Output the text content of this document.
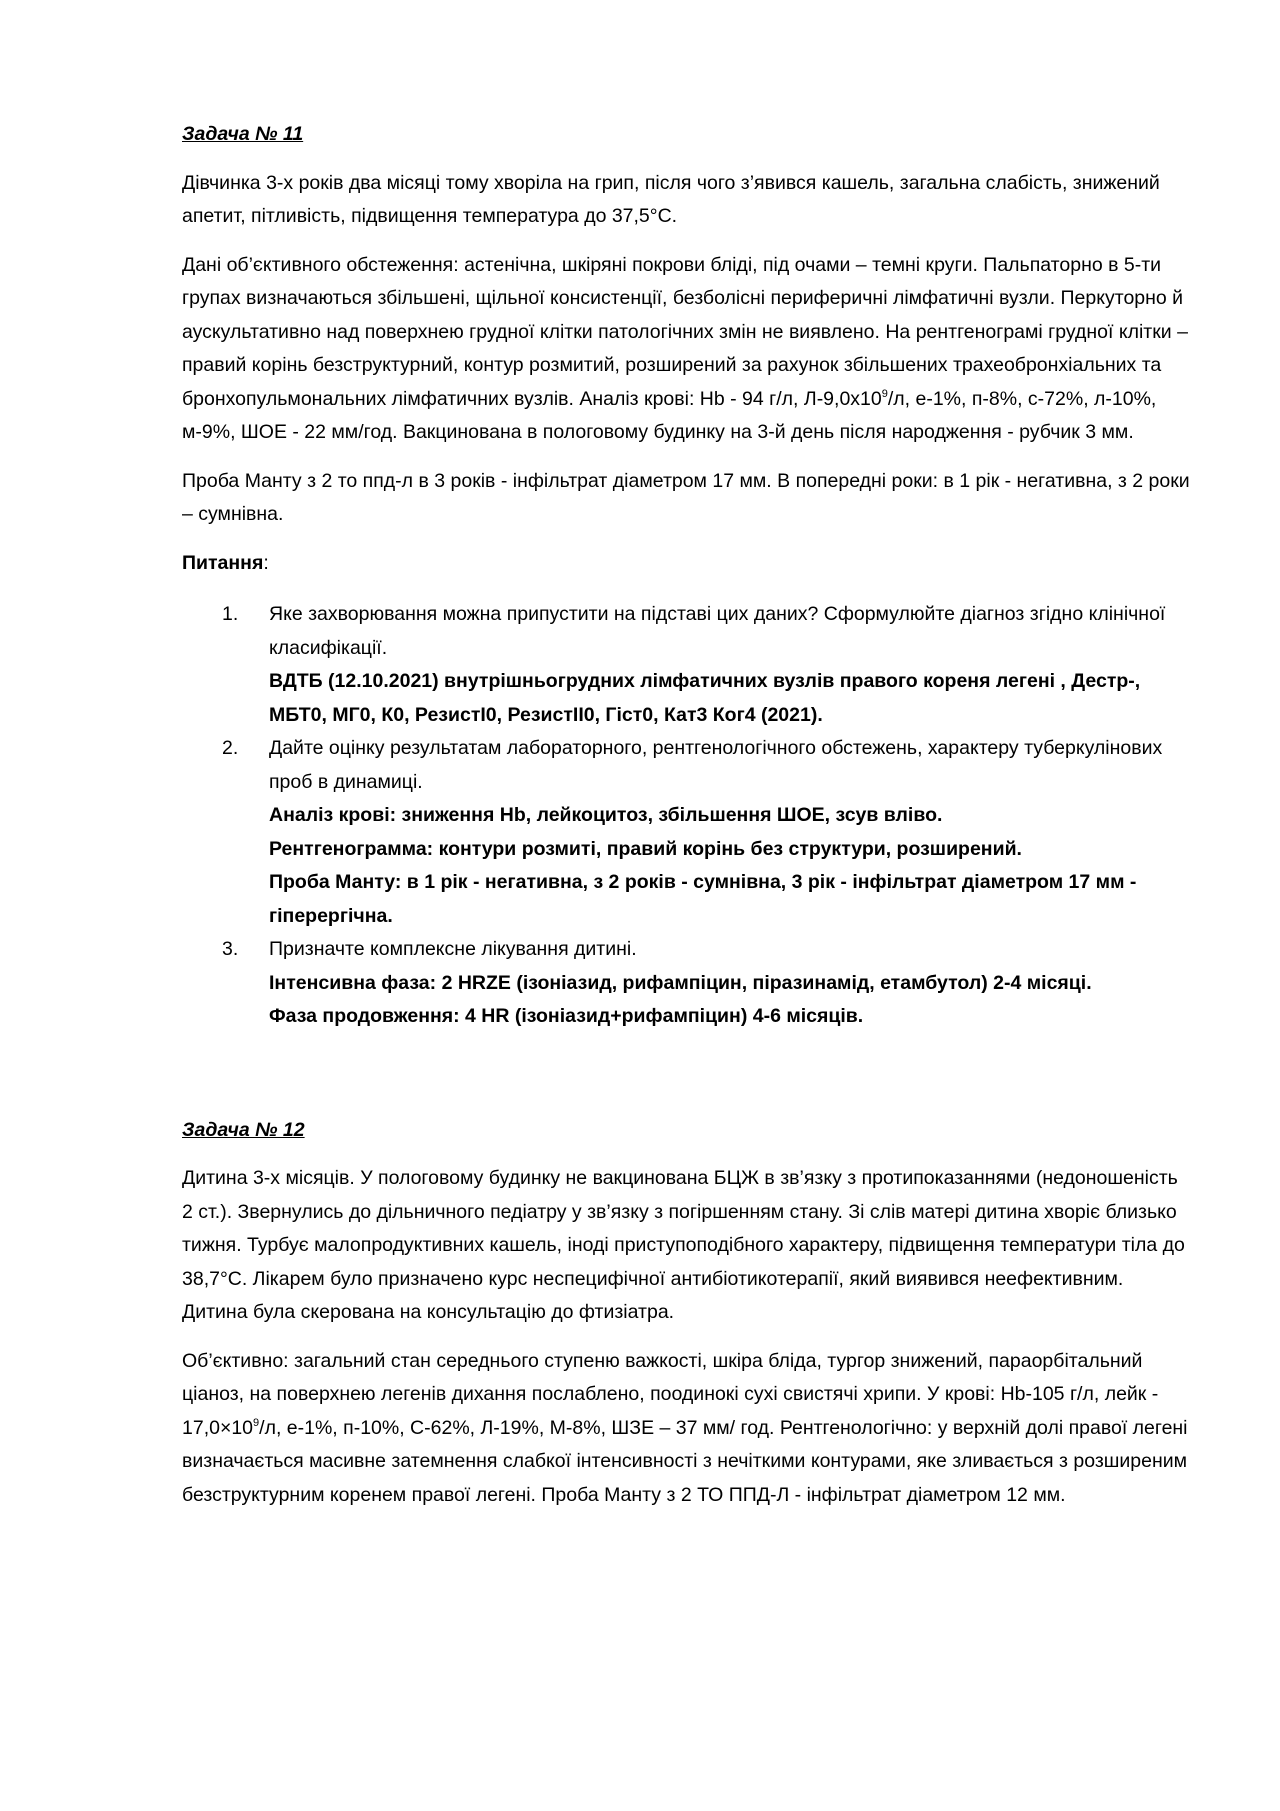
Задача № 11

Дівчинка 3-х років два місяці тому хворіла на грип, після чого з’явився кашель, загальна слабість, знижений апетит, пітливість, підвищення температура до 37,5°С.

Дані об’єктивного обстеження: астенічна, шкіряні покрови бліді, під очами – темні круги. Пальпаторно в 5-ти групах визначаються збільшені, щільної консистенції, безболісні периферичні лімфатичні вузли. Перкуторно й аускультативно над поверхнею грудної клітки патологічних змін не виявлено. На рентгенограмі грудної клітки – правий корінь безструктурний, контур розмитий, розширений за рахунок збільшених трахеобронхіальних та бронхопульмональних лімфатичних вузлів. Аналіз крові: Hb - 94 г/л, $Л-9,0х10^9/л$, е-1%, п-8%, с-72%, л-10%, м-9%, ШОЕ - 22 мм/год. Вакцинована в пологовому будинку на 3-й день після народження - рубчик 3 мм.

Проба Манту з 2 то ппд-л в 3 років - інфільтрат діаметром 17 мм. В попередні роки: в 1 рік - негативна, з 2 роки – сумнівна.

Питання:

1.	Яке захворювання можна припустити на підставі цих даних? Сформулюйте діагноз згідно клінічної класифікації.
ВДТБ (12.10.2021) внутрішньогрудних лімфатичних вузлів правого кореня легені , Дестр-, МБТ0, МГ0, К0, РезистІ0, РезистІІ0, Гіст0, Кат3 Ког4 (2021).
2.	Дайте оцінку результатам лабораторного, рентгенологічного обстежень, характеру туберкулінових проб в динамиці.
Аналіз крові: зниження Hb, лейкоцитоз, збільшення ШОЕ, зсув вліво.
Рентгенограмма: контури розмиті, правий корінь без структури, розширений.
Проба Манту: в 1 рік - негативна, з 2 років - сумнівна, 3 рік - інфільтрат діаметром 17 мм - гіперергічна.
3.	Призначте комплексне лікування дитині.
Інтенсивна фаза: 2 HRZE (ізоніазид, рифампіцин, піразинамід, етамбутол) 2-4 місяці.
Фаза продовження: 4 HR (ізоніазид+рифампіцин) 4-6 місяців.

Задача № 12

Дитина 3-х місяців. У пологовому будинку не вакцинована БЦЖ в зв’язку з протипоказаннями (недоношеність 2 ст.). Звернулись до дільничного педіатру у зв’язку з погіршенням стану. Зі слів матері дитина хворіє близько тижня. Турбує малопродуктивних кашель, іноді приступоподібного характеру, підвищення температури тіла до 38,7°С. Лікарем було призначено курс неспецифічної антибіотикотерапії, який виявився неефективним. Дитина була скерована на консультацію до фтизіатра.

Об’єктивно: загальний стан середнього ступеню важкості, шкіра бліда, тургор знижений, параорбітальний ціаноз, на поверхнею легенів дихання послаблено, поодинокі сухі свистячі хрипи. У крові: Hb-105 г/л, лейк - $17,0\times 10^9/л$, е-1%, п-10%, С-62%, Л-19%, М-8%, ШЗЕ – 37 мм/ год. Рентгенологічно: у верхній долі правої легені визначається масивне затемнення слабкої інтенсивності з нечіткими контурами, яке зливається з розширеним безструктурним коренем правої легені. Проба Манту з 2 ТО ППД-Л - інфільтрат діаметром 12 мм.
